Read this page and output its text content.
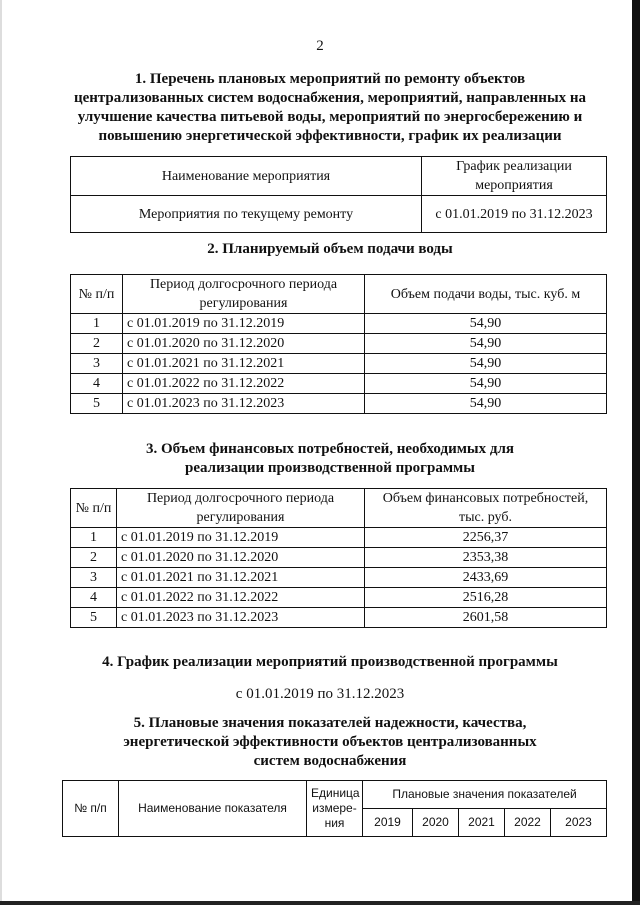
2
1. Перечень плановых мероприятий по ремонту объектов
централизованных систем водоснабжения, мероприятий, направленных на
улучшение качества питьевой воды, мероприятий по энергосбережению и
повышению энергетической эффективности, график их реализации
Наименование мероприятия	График реализации мероприятия
Мероприятия по текущему ремонту	с 01.01.2019 по 31.12.2023
2. Планируемый объем подачи воды
№ п/п	Период долгосрочного периода регулирования	Объем подачи воды, тыс. куб. м
1	с 01.01.2019 по 31.12.2019	54,90
2	с 01.01.2020 по 31.12.2020	54,90
3	с 01.01.2021 по 31.12.2021	54,90
4	с 01.01.2022 по 31.12.2022	54,90
5	с 01.01.2023 по 31.12.2023	54,90
3. Объем финансовых потребностей, необходимых для
реализации производственной программы
№ п/п	Период долгосрочного периода регулирования	Объем финансовых потребностей, тыс. руб.
1	с 01.01.2019 по 31.12.2019	2256,37
2	с 01.01.2020 по 31.12.2020	2353,38
3	с 01.01.2021 по 31.12.2021	2433,69
4	с 01.01.2022 по 31.12.2022	2516,28
5	с 01.01.2023 по 31.12.2023	2601,58
4. График реализации мероприятий производственной программы
с 01.01.2019 по 31.12.2023
5. Плановые значения показателей надежности, качества,
энергетической эффективности объектов централизованных
систем водоснабжения
№ п/п	Наименование показателя	Единица измере- ния	Плановые значения показателей				
			2019	2020	2021	2022	2023
